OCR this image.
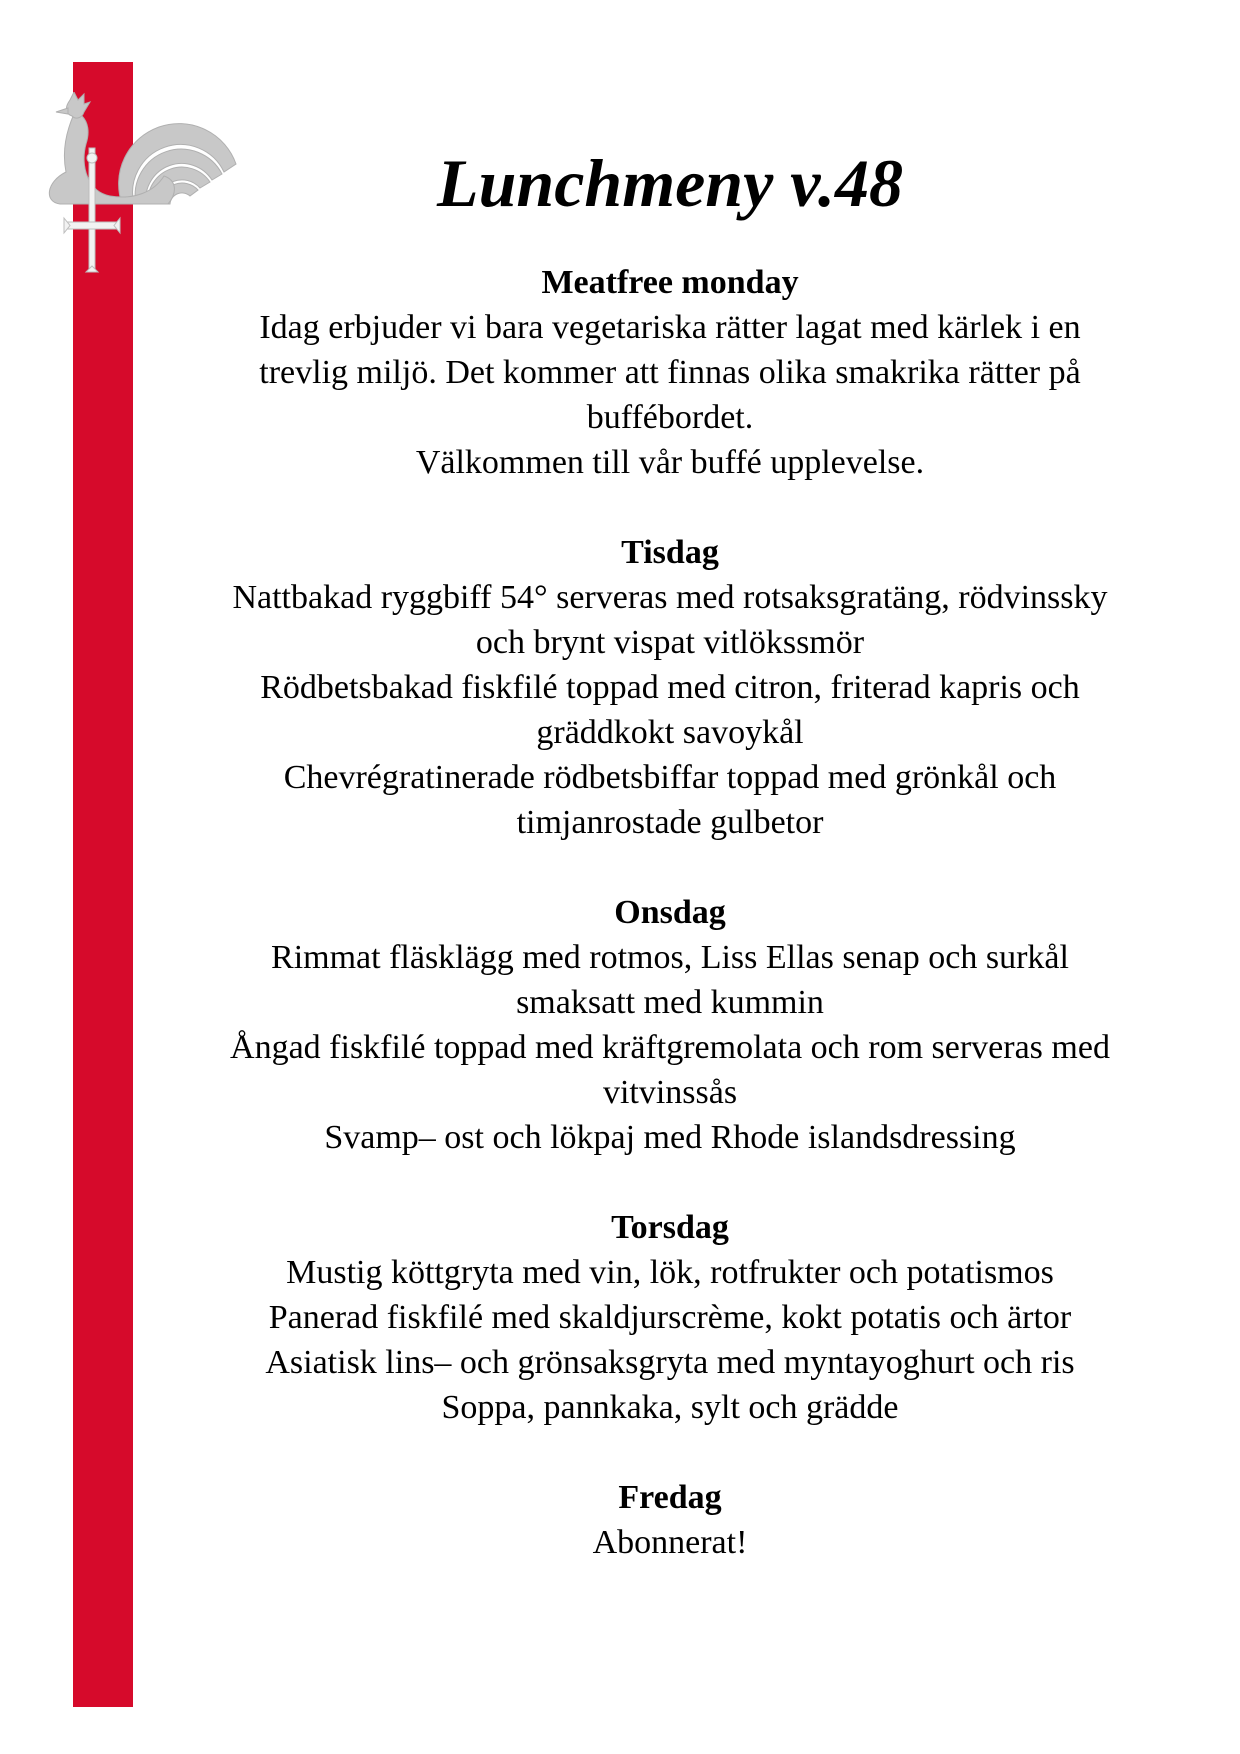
Lunchmeny v.48

Meatfree monday

Idag erbjuder vi bara vegetariska rätter lagat med kärlek i en

trevlig miljö. Det kommer att finnas olika smakrika rätter på

buffébordet.

Välkommen till vår buffé upplevelse.

Tisdag

Nattbakad ryggbiff 54° serveras med rotsaksgratäng, rödvinssky

och brynt vispat vitlökssmör

Rödbetsbakad fiskfilé toppad med citron, friterad kapris och

gräddkokt savoykål

Chevrégratinerade rödbetsbiffar toppad med grönkål och

timjanrostade gulbetor

Onsdag

Rimmat fläsklägg med rotmos, Liss Ellas senap och surkål

smaksatt med kummin

Ångad fiskfilé toppad med kräftgremolata och rom serveras med

vitvinssås

Svamp– ost och lökpaj med Rhode islandsdressing

Torsdag

Mustig köttgryta med vin, lök, rotfrukter och potatismos

Panerad fiskfilé med skaldjurscrème, kokt potatis och ärtor

Asiatisk lins– och grönsaksgryta med myntayoghurt och ris

Soppa, pannkaka, sylt och grädde

Fredag

Abonnerat!
